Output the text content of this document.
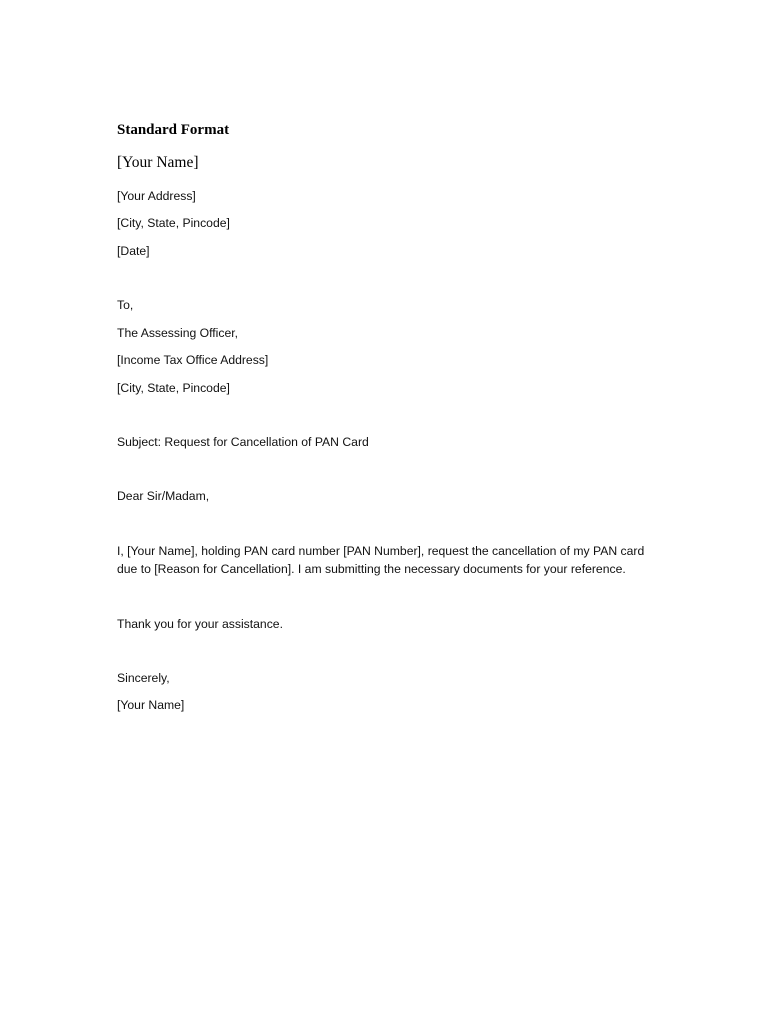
Standard Format

[Your Name]

[Your Address]

[City, State, Pincode]

[Date]

To,

The Assessing Officer,

[Income Tax Office Address]

[City, State, Pincode]

Subject: Request for Cancellation of PAN Card

Dear Sir/Madam,

I, [Your Name], holding PAN card number [PAN Number], request the cancellation of my PAN card
due to [Reason for Cancellation]. I am submitting the necessary documents for your reference.

Thank you for your assistance.

Sincerely,

[Your Name]
